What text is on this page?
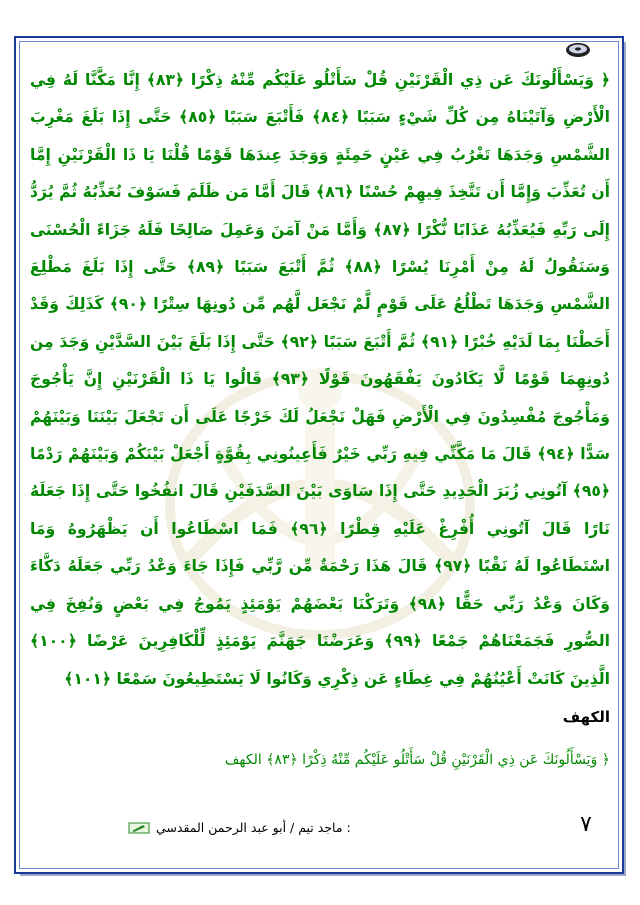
﴿ وَيَسْأَلُونَكَ عَن ذِي الْقَرْنَيْنِ قُلْ سَأَتْلُو عَلَيْكُم مِّنْهُ ذِكْرًا ﴿٨٣﴾ إِنَّا مَكَّنَّا لَهُ فِي الْأَرْضِ وَآتَيْنَاهُ مِن كُلِّ شَيْءٍ سَبَبًا ﴿٨٤﴾ فَأَتْبَعَ سَبَبًا ﴿٨٥﴾ حَتَّى إِذَا بَلَغَ مَغْرِبَ الشَّمْسِ وَجَدَهَا تَغْرُبُ فِي عَيْنٍ حَمِئَةٍ وَوَجَدَ عِندَهَا قَوْمًا قُلْنَا يَا ذَا الْقَرْنَيْنِ إِمَّا أَن تُعَذِّبَ وَإِمَّا أَن تَتَّخِذَ فِيهِمْ حُسْنًا ﴿٨٦﴾ قَالَ أَمَّا مَن ظَلَمَ فَسَوْفَ نُعَذِّبُهُ ثُمَّ يُرَدُّ إِلَى رَبِّهِ فَيُعَذِّبُهُ عَذَابًا نُّكْرًا ﴿٨٧﴾ وَأَمَّا مَنْ آمَنَ وَعَمِلَ صَالِحًا فَلَهُ جَزَاءً الْحُسْنَى وَسَنَقُولُ لَهُ مِنْ أَمْرِنَا يُسْرًا ﴿٨٨﴾ ثُمَّ أَتْبَعَ سَبَبًا ﴿٨٩﴾ حَتَّى إِذَا بَلَغَ مَطْلِعَ الشَّمْسِ وَجَدَهَا تَطْلُعُ عَلَى قَوْمٍ لَّمْ نَجْعَل لَّهُم مِّن دُونِهَا سِتْرًا ﴿٩٠﴾ كَذَلِكَ وَقَدْ أَحَطْنَا بِمَا لَدَيْهِ خُبْرًا ﴿٩١﴾ ثُمَّ أَتْبَعَ سَبَبًا ﴿٩٢﴾ حَتَّى إِذَا بَلَغَ بَيْنَ السَّدَّيْنِ وَجَدَ مِن دُونِهِمَا قَوْمًا لَّا يَكَادُونَ يَفْقَهُونَ قَوْلًا ﴿٩٣﴾ قَالُوا يَا ذَا الْقَرْنَيْنِ إِنَّ يَأْجُوجَ وَمَأْجُوجَ مُفْسِدُونَ فِي الْأَرْضِ فَهَلْ نَجْعَلُ لَكَ خَرْجًا عَلَى أَن تَجْعَلَ بَيْنَنَا وَبَيْنَهُمْ سَدًّا ﴿٩٤﴾ قَالَ مَا مَكَّنِّي فِيهِ رَبِّي خَيْرٌ فَأَعِينُونِي بِقُوَّةٍ أَجْعَلْ بَيْنَكُمْ وَبَيْنَهُمْ رَدْمًا ﴿٩٥﴾ آتُونِي زُبَرَ الْحَدِيدِ حَتَّى إِذَا سَاوَى بَيْنَ الصَّدَفَيْنِ قَالَ انفُخُوا حَتَّى إِذَا جَعَلَهُ نَارًا قَالَ آتُونِي أُفْرِغْ عَلَيْهِ قِطْرًا ﴿٩٦﴾ فَمَا اسْطَاعُوا أَن يَظْهَرُوهُ وَمَا اسْتَطَاعُوا لَهُ نَقْبًا ﴿٩٧﴾ قَالَ هَذَا رَحْمَةٌ مِّن رَّبِّي فَإِذَا جَاءَ وَعْدُ رَبِّي جَعَلَهُ دَكَّاءَ وَكَانَ وَعْدُ رَبِّي حَقًّا ﴿٩٨﴾ وَتَرَكْنَا بَعْضَهُمْ يَوْمَئِذٍ يَمُوجُ فِي بَعْضٍ وَنُفِخَ فِي الصُّورِ فَجَمَعْنَاهُمْ جَمْعًا ﴿٩٩﴾ وَعَرَضْنَا جَهَنَّمَ يَوْمَئِذٍ لِّلْكَافِرِينَ عَرْضًا ﴿١٠٠﴾ الَّذِينَ كَانَتْ أَعْيُنُهُمْ فِي غِطَاءٍ عَن ذِكْرِي وَكَانُوا لَا يَسْتَطِيعُونَ سَمْعًا ﴿١٠١﴾
الكهف
﴿ وَيَسْأَلُونَكَ عَن ذِي الْقَرْنَيْنِ قُلْ سَأَتْلُو عَلَيْكُم مِّنْهُ ذِكْرًا ﴿٨٣﴾ الكهف
: ماجد تيم / أبو عبد الرحمن المقدسي	٧
